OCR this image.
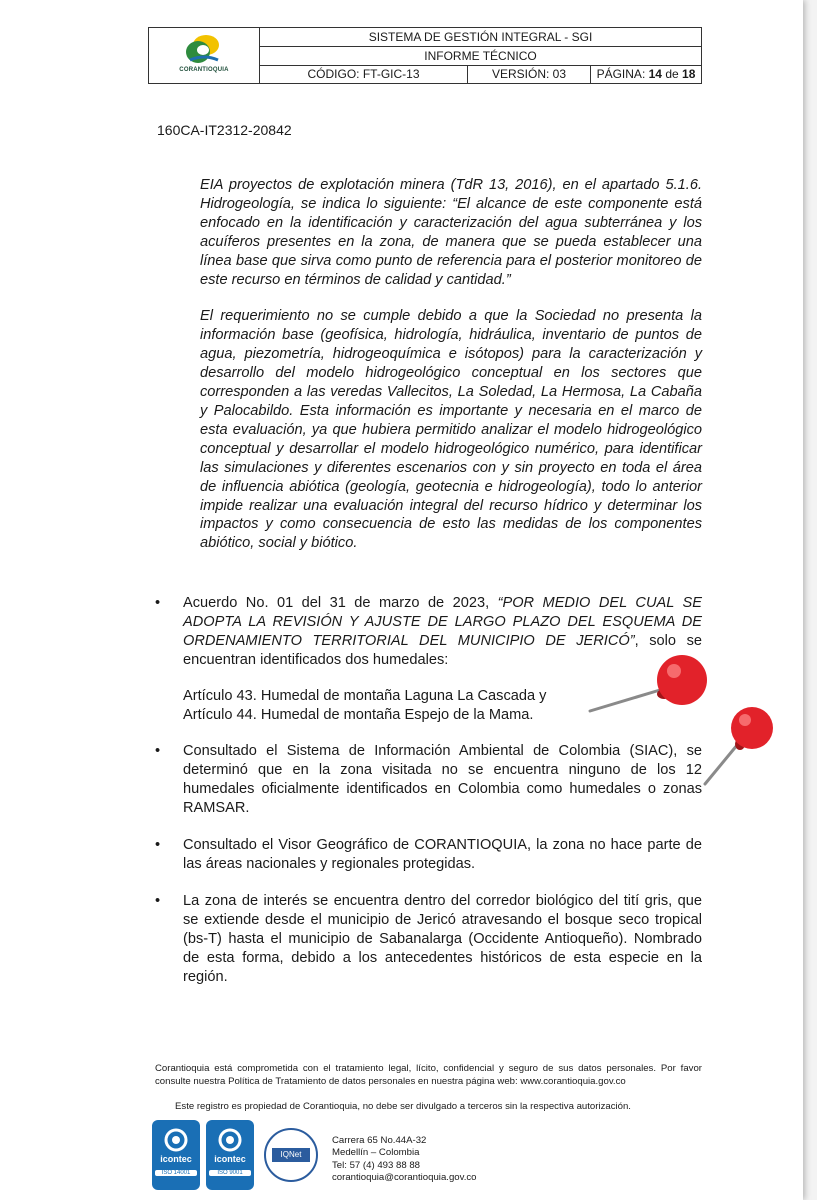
CORANTIOQUIA
SISTEMA DE GESTIÓN INTEGRAL - SGI
INFORME TÉCNICO
CÓDIGO: FT-GIC-13	VERSIÓN: 03	PÁGINA: 14 de 18
160CA-IT2312-20842

EIA proyectos de explotación minera (TdR 13, 2016), en el apartado 5.1.6. Hidrogeología, se indica lo siguiente: “El alcance de este componente está enfocado en la identificación y caracterización del agua subterránea y los acuíferos presentes en la zona, de manera que se pueda establecer una línea base que sirva como punto de referencia para el posterior monitoreo de este recurso en términos de calidad y cantidad.”

El requerimiento no se cumple debido a que la Sociedad no presenta la información base (geofísica, hidrología, hidráulica, inventario de puntos de agua, piezometría, hidrogeoquímica e isótopos) para la caracterización y desarrollo del modelo hidrogeológico conceptual en los sectores que corresponden a las veredas Vallecitos, La Soledad, La Hermosa, La Cabaña y Palocabildo. Esta información es importante y necesaria en el marco de esta evaluación, ya que hubiera permitido analizar el modelo hidrogeológico conceptual y desarrollar el modelo hidrogeológico numérico, para identificar las simulaciones y diferentes escenarios con y sin proyecto en toda el área de influencia abiótica (geología, geotecnia e hidrogeología), todo lo anterior impide realizar una evaluación integral del recurso hídrico y determinar los impactos y como consecuencia de esto las medidas de los componentes abiótico, social y biótico.

• Acuerdo No. 01 del 31 de marzo de 2023, “POR MEDIO DEL CUAL SE ADOPTA LA REVISIÓN Y AJUSTE DE LARGO PLAZO DEL ESQUEMA DE ORDENAMIENTO TERRITORIAL DEL MUNICIPIO DE JERICÓ”, solo se encuentran identificados dos humedales:
Artículo 43. Humedal de montaña Laguna La Cascada y
Artículo 44. Humedal de montaña Espejo de la Mama.
• Consultado el Sistema de Información Ambiental de Colombia (SIAC), se determinó que en la zona visitada no se encuentra ninguno de los 12 humedales oficialmente identificados en Colombia como humedales o zonas RAMSAR.
• Consultado el Visor Geográfico de CORANTIOQUIA, la zona no hace parte de las áreas nacionales y regionales protegidas.
• La zona de interés se encuentra dentro del corredor biológico del tití gris, que se extiende desde el municipio de Jericó atravesando el bosque seco tropical (bs-T) hasta el municipio de Sabanalarga (Occidente Antioqueño). Nombrado de esta forma, debido a los antecedentes históricos de esta especie en la región.
Corantioquia está comprometida con el tratamiento legal, lícito, confidencial y seguro de sus datos personales. Por favor consulte nuestra Política de Tratamiento de datos personales en nuestra página web: www.corantioquia.gov.co
Este registro es propiedad de Corantioquia, no debe ser divulgado a terceros sin la respectiva autorización.
icontec
ISO 14001
icontec
ISO 9001
IQNet
Carrera 65 No.44A-32
Medellín – Colombia
Tel: 57 (4) 493 88 88
corantioquia@corantioquia.gov.co
